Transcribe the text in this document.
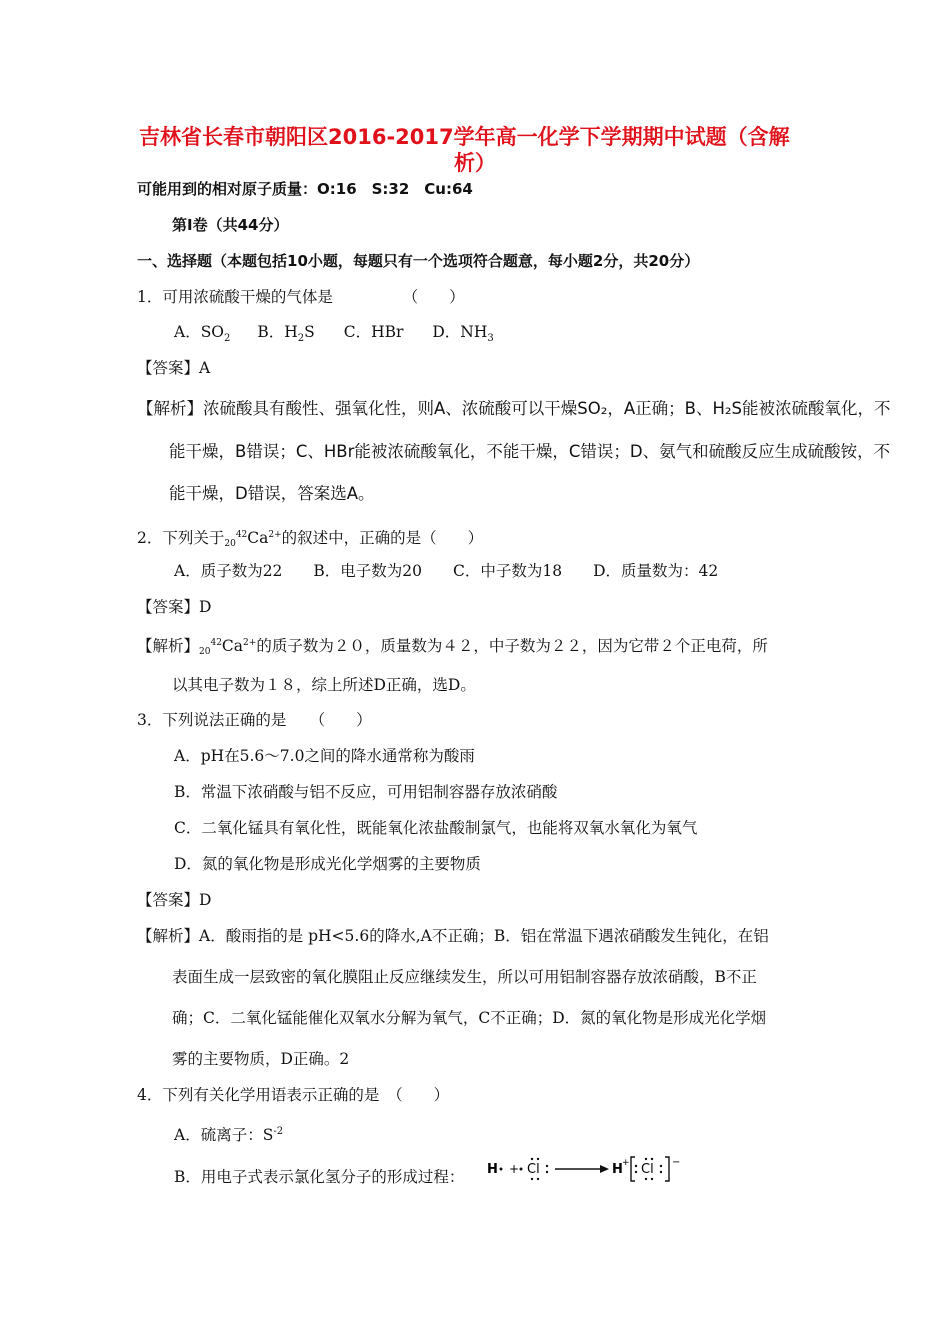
吉林省长春市朝阳区2016-2017学年高一化学下学期期中试题（含解
析）
可能用到的相对原子质量：O:16　S:32　Cu:64
第Ⅰ卷（共44分）
一、选择题（本题包括10小题，每题只有一个选项符合题意，每小题2分，共20分）
1．可用浓硫酸干燥的气体是　　　　　（　　）
A．$SO_2$ B．$H_2S$ C．HBr D．$NH_3$
【答案】A
【解析】浓硫酸具有酸性、强氧化性，则A、浓硫酸可以干燥SO₂，A正确；B、H₂S能被浓硫酸氧化，不
能干燥，B错误；C、HBr能被浓硫酸氧化，不能干燥，C错误；D、氨气和硫酸反应生成硫酸铵，不
能干燥，D错误，答案选A。
2．下列关于$20^{42}Ca^{2+}$的叙述中，正确的是（　　）
A．质子数为22　　B．电子数为20　　C．中子数为18　　D．质量数为：42
【答案】D
【解析】$20^{42}Ca^{2+}$的质子数为２０，质量数为４２，中子数为２２，因为它带２个正电荷，所
以其电子数为１８，综上所述D正确，选D。
3．下列说法正确的是　　（　　）
A．pH在5.6～7.0之间的降水通常称为酸雨
B．常温下浓硝酸与铝不反应，可用铝制容器存放浓硝酸
C．二氧化锰具有氧化性，既能氧化浓盐酸制氯气，也能将双氧水氧化为氧气
D．氮的氧化物是形成光化学烟雾的主要物质
【答案】D
【解析】A．酸雨指的是 pH<5.6的降水,A不正确；B．铝在常温下遇浓硝酸发生钝化，在铝
表面生成一层致密的氧化膜阻止反应继续发生，所以可用铝制容器存放浓硝酸，B不正
确；C．二氧化锰能催化双氧水分解为氧气，C不正确；D．氮的氧化物是形成光化学烟
雾的主要物质，D正确。2
4．下列有关化学用语表示正确的是　（　　）
A．硫离子：$S^{-2}$
B．用电子式表示氯化氢分子的形成过程： H + Cl	H + Cl −
